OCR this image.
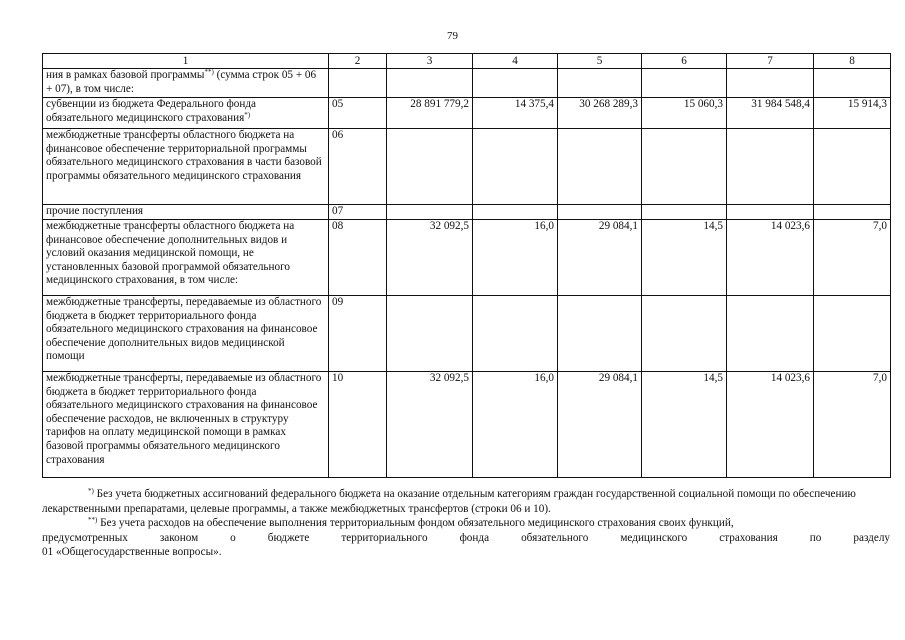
79
1	2	3	4	5	6	7	8
ния в рамках базовой программы**) (сумма строк 05 + 06 + 07), в том числе:							
субвенции из бюджета Федерального фонда обязательного медицинского страхования*)	05	28 891 779,2	14 375,4	30 268 289,3	15 060,3	31 984 548,4	15 914,3
межбюджетные трансферты областного бюджета на финансовое обеспечение территориальной программы обязательного медицинского страхования в части базовой программы обязательного медицинского страхования	06						
прочие поступления	07						
межбюджетные трансферты областного бюджета на финансовое обеспечение дополнительных видов и условий оказания медицинской помощи, не установленных базовой программой обязательного медицинского страхования, в том числе:	08	32 092,5	16,0	29 084,1	14,5	14 023,6	7,0
межбюджетные трансферты, передаваемые из областного бюджета в бюджет территориального фонда обязательного медицинского страхования на финансовое обеспечение дополнительных видов медицинской помощи	09						
межбюджетные трансферты, передаваемые из областного бюджета в бюджет территориального фонда обязательного медицинского страхования на финансовое обеспечение расходов, не включенных в структуру тарифов на оплату медицинской помощи в рамках базовой программы обязательного медицинского страхования	10	32 092,5	16,0	29 084,1	14,5	14 023,6	7,0

*) Без учета бюджетных ассигнований федерального бюджета на оказание отдельным категориям граждан государственной социальной помощи по обеспечению лекарственными препаратами, целевые программы, а также межбюджетных трансфертов (строки 06 и 10).

**) Без учета расходов на обеспечение выполнения территориальным фондом обязательного медицинского страхования своих функций,

предусмотренных законом о бюджете территориального фонда обязательного медицинского страхования по разделу

01 «Общегосударственные вопросы».
